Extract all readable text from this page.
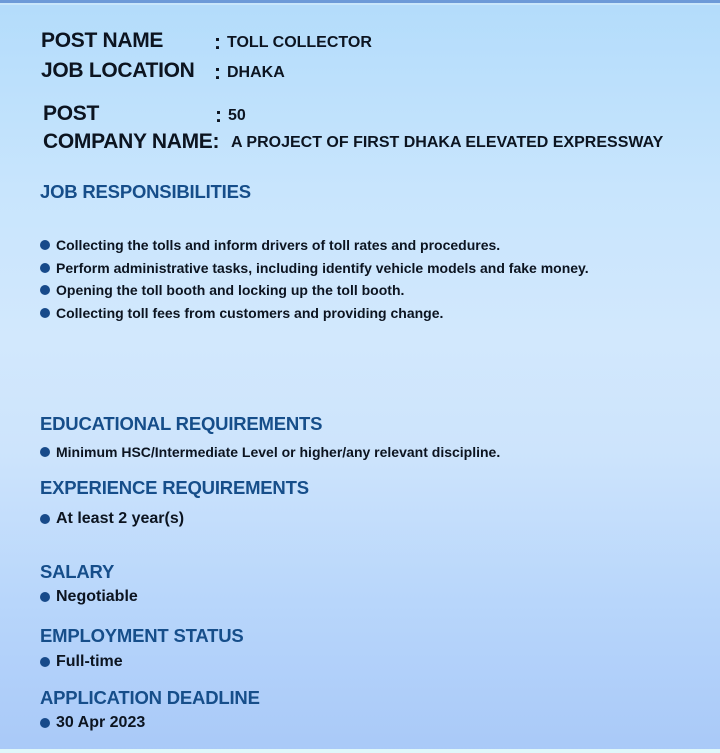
POST NAME : TOLL COLLECTOR
JOB LOCATION : DHAKA
POST	: 50
COMPANY NAME: A PROJECT OF FIRST DHAKA ELEVATED EXPRESSWAY
JOB RESPONSIBILITIES
Collecting the tolls and inform drivers of toll rates and procedures.
Perform administrative tasks, including identify vehicle models and fake money.
Opening the toll booth and locking up the toll booth.
Collecting toll fees from customers and providing change.
EDUCATIONAL REQUIREMENTS
Minimum HSC/Intermediate Level or higher/any relevant discipline.
EXPERIENCE REQUIREMENTS
At least 2 year(s)
SALARY
Negotiable
EMPLOYMENT STATUS
Full-time
APPLICATION DEADLINE
30 Apr 2023
